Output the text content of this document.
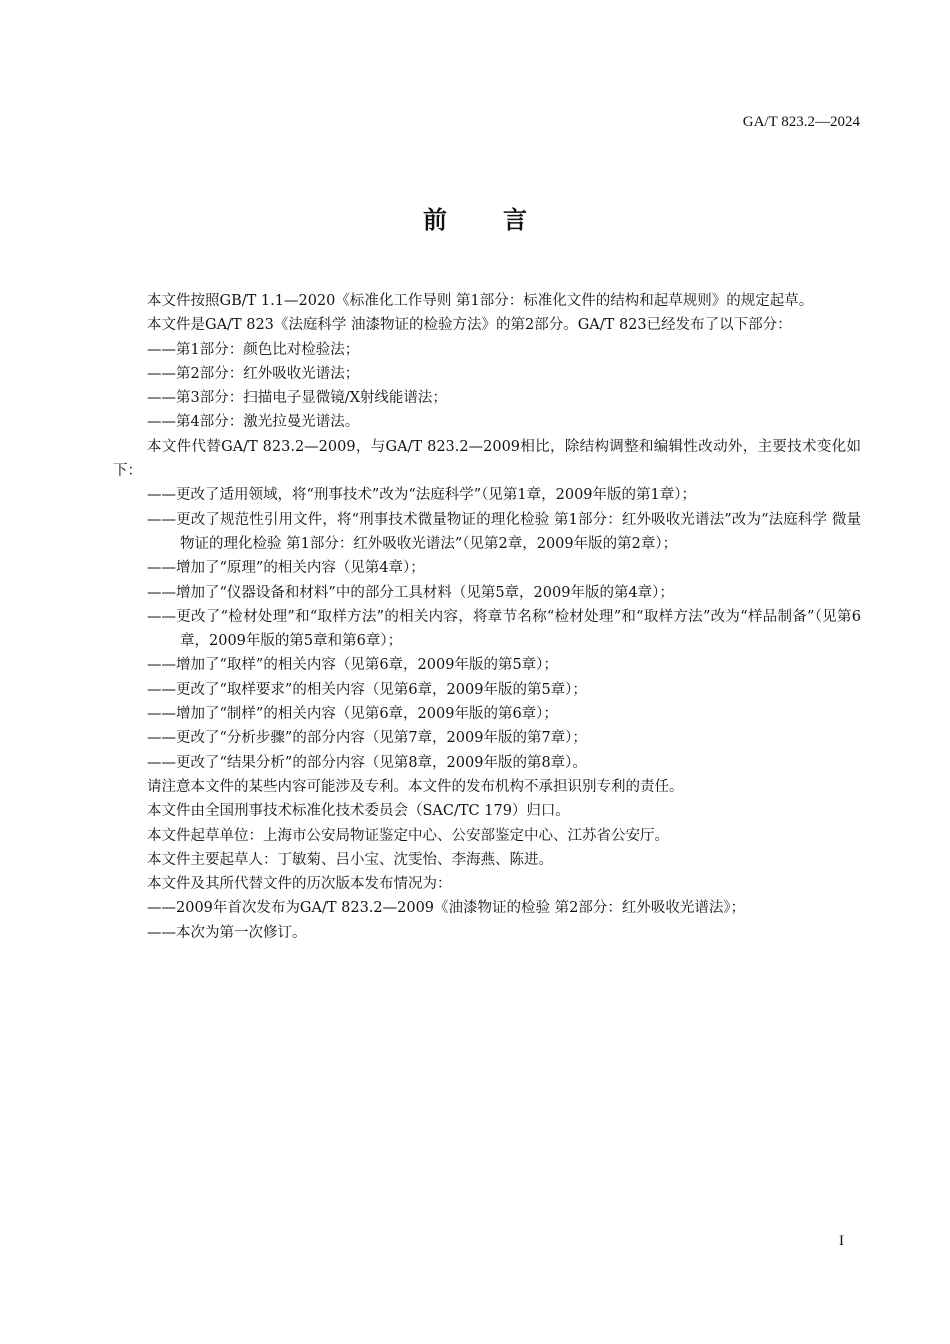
GA/T 823.2—2024
前言

本文件按照GB/T 1.1—2020《标准化工作导则 第1部分：标准化文件的结构和起草规则》的规定起草。

本文件是GA/T 823《法庭科学 油漆物证的检验方法》的第2部分。GA/T 823已经发布了以下部分：

——第1部分：颜色比对检验法；

——第2部分：红外吸收光谱法；

——第3部分：扫描电子显微镜/X射线能谱法；

——第4部分：激光拉曼光谱法。

本文件代替GA/T 823.2—2009，与GA/T 823.2—2009相比，除结构调整和编辑性改动外，主要技术变化如下：

——更改了适用领域，将“刑事技术”改为“法庭科学”（见第1章，2009年版的第1章）；

——更改了规范性引用文件，将“刑事技术微量物证的理化检验 第1部分：红外吸收光谱法”改为“法庭科学 微量物证的理化检验 第1部分：红外吸收光谱法”（见第2章，2009年版的第2章）；

——增加了“原理”的相关内容（见第4章）；

——增加了“仪器设备和材料”中的部分工具材料（见第5章，2009年版的第4章）；

——更改了“检材处理”和“取样方法”的相关内容，将章节名称“检材处理”和“取样方法”改为“样品制备”（见第6章，2009年版的第5章和第6章）；

——增加了“取样”的相关内容（见第6章，2009年版的第5章）；

——更改了“取样要求”的相关内容（见第6章，2009年版的第5章）；

——增加了“制样”的相关内容（见第6章，2009年版的第6章）；

——更改了“分析步骤”的部分内容（见第7章，2009年版的第7章）；

——更改了“结果分析”的部分内容（见第8章，2009年版的第8章）。

请注意本文件的某些内容可能涉及专利。本文件的发布机构不承担识别专利的责任。

本文件由全国刑事技术标准化技术委员会（SAC/TC 179）归口。

本文件起草单位：上海市公安局物证鉴定中心、公安部鉴定中心、江苏省公安厅。

本文件主要起草人：丁敏菊、吕小宝、沈雯怡、李海燕、陈进。

本文件及其所代替文件的历次版本发布情况为：

——2009年首次发布为GA/T 823.2—2009《油漆物证的检验 第2部分：红外吸收光谱法》；

——本次为第一次修订。

I
